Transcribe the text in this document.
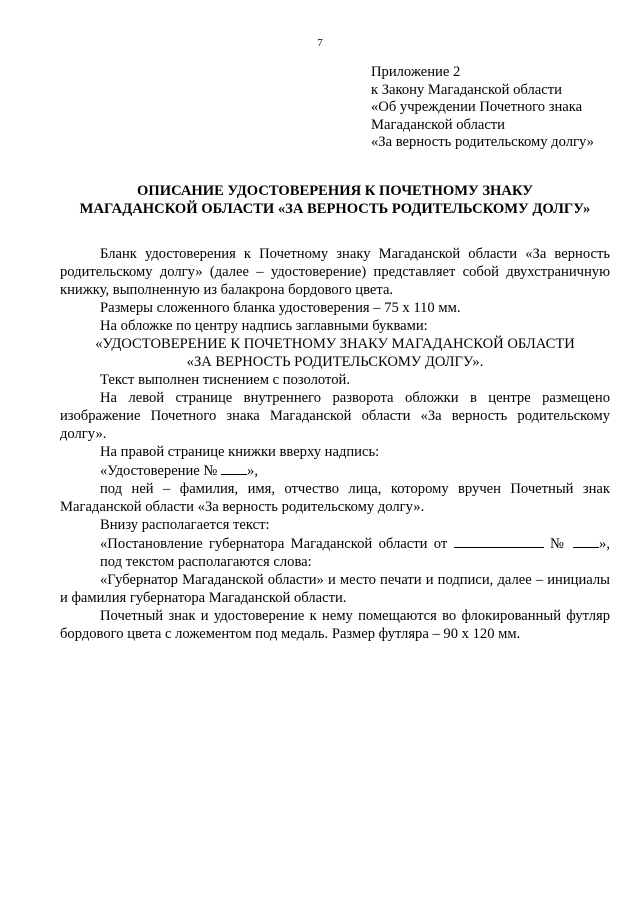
7
Приложение 2
к Закону Магаданской области
«Об учреждении Почетного знака
Магаданской области
«За верность родительскому долгу»
ОПИСАНИЕ УДОСТОВЕРЕНИЯ К ПОЧЕТНОМУ ЗНАКУ
МАГАДАНСКОЙ ОБЛАСТИ «ЗА ВЕРНОСТЬ РОДИТЕЛЬСКОМУ ДОЛГУ»

Бланк удостоверения к Почетному знаку Магаданской области «За верность родительскому долгу» (далее – удостоверение) представляет собой двухстраничную книжку, выполненную из балакрона бордового цвета.

Размеры сложенного бланка удостоверения – 75 х 110 мм.

На обложке по центру надпись заглавными буквами:

«УДОСТОВЕРЕНИЕ К ПОЧЕТНОМУ ЗНАКУ МАГАДАНСКОЙ ОБЛАСТИ

«ЗА ВЕРНОСТЬ РОДИТЕЛЬСКОМУ ДОЛГУ».

Текст выполнен тиснением с позолотой.

На левой странице внутреннего разворота обложки в центре размещено изображение Почетного знака Магаданской области «За верность родительскому долгу».

На правой странице книжки вверху надпись:

«Удостоверение № »,

под ней – фамилия, имя, отчество лица, которому вручен Почетный знак Магаданской области «За верность родительскому долгу».

Внизу располагается текст:

«Постановление губернатора Магаданской области от	№ »,

под текстом располагаются слова:

«Губернатор Магаданской области» и место печати и подписи, далее – инициалы и фамилия губернатора Магаданской области.

Почетный знак и удостоверение к нему помещаются во флокированный футляр бордового цвета с ложементом под медаль. Размер футляра – 90 х 120 мм.
